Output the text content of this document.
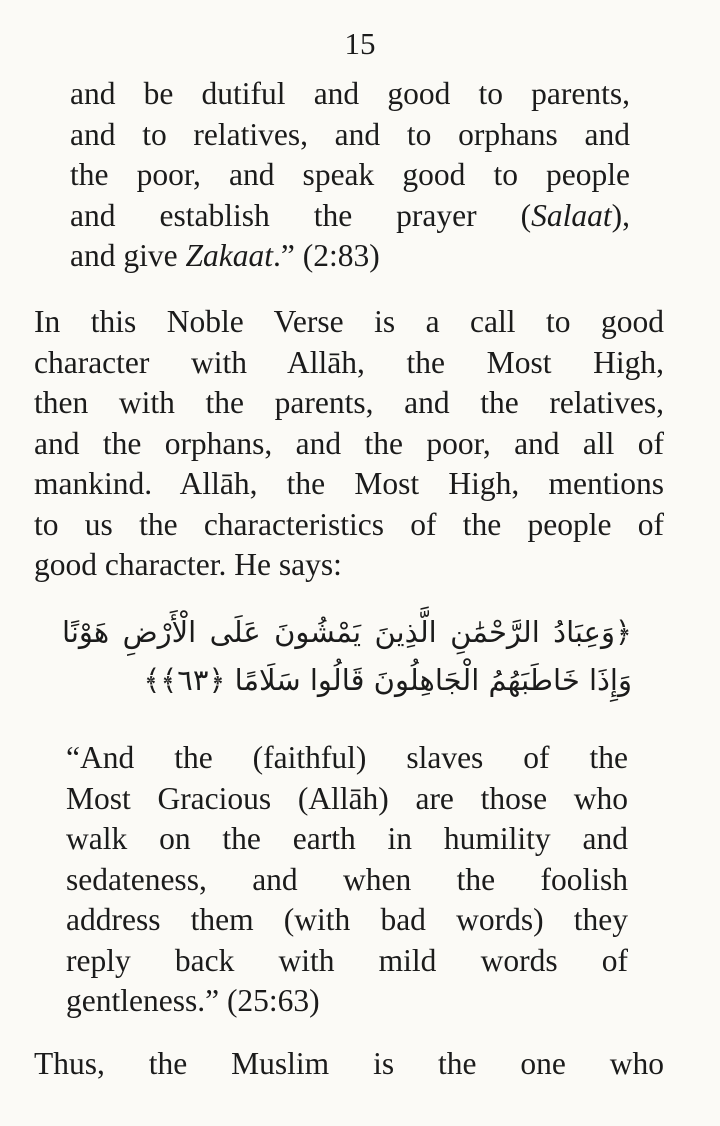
15
and be dutiful and good to parents,
and to relatives, and to orphans and
the poor, and speak good to people
and establish the prayer (Salaat),
and give Zakaat.” (2:83)
In this Noble Verse is a call to good
character with Allāh, the Most High,
then with the parents, and the relatives,
and the orphans, and the poor, and all of
mankind. Allāh, the Most High, mentions
to us the characteristics of the people of
good character. He says:
﴿وَعِبَادُ الرَّحْمَٰنِ الَّذِينَ يَمْشُونَ عَلَى الْأَرْضِ هَوْنًا
وَإِذَا خَاطَبَهُمُ الْجَاهِلُونَ قَالُوا سَلَامًا ﴿٦٣﴾﴾
“And the (faithful) slaves of the
Most Gracious (Allāh) are those who
walk on the earth in humility and
sedateness, and when the foolish
address them (with bad words) they
reply back with mild words of
gentleness.” (25:63)
Thus, the Muslim is the one who
